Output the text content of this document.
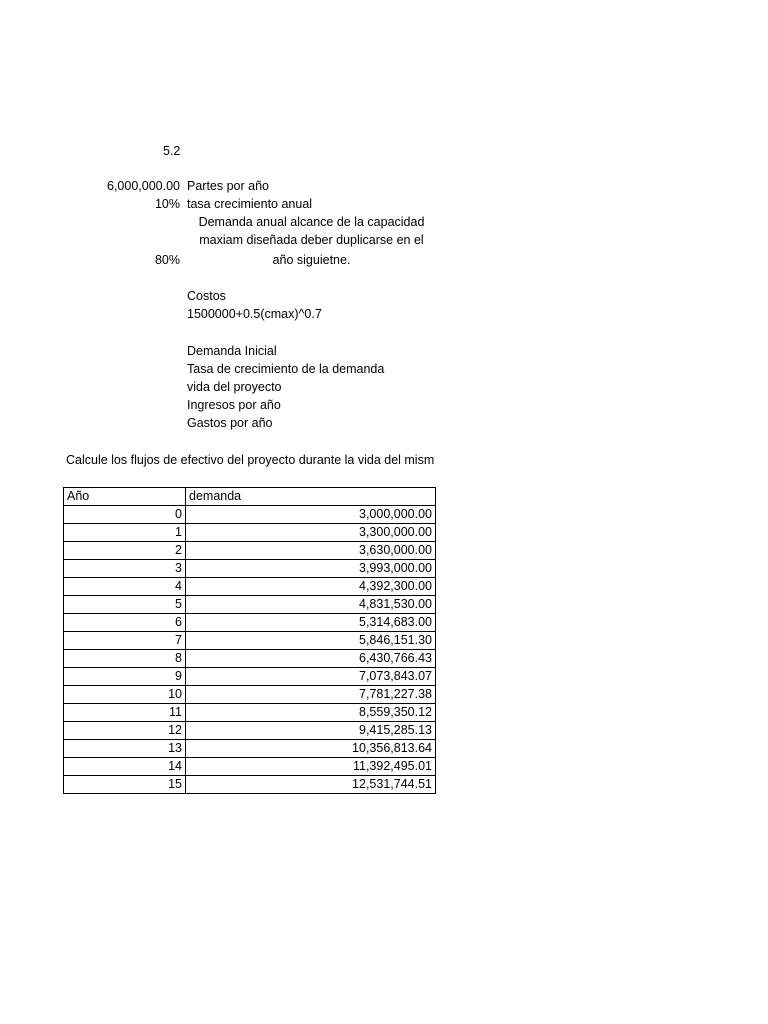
5.2
6,000,000.00 Partes por año
10% tasa crecimiento anual
Demanda anual alcance de la capacidad
maxiam diseñada deber duplicarse en el
80%	año siguietne.
Costos
1500000+0.5(cmax)^0.7
Demanda Inicial
Tasa de crecimiento de la demanda
vida del proyecto
Ingresos por año
Gastos por año
Calcule los flujos de efectivo del proyecto durante la vida del mism
Año	demanda
0	3,000,000.00
1	3,300,000.00
2	3,630,000.00
3	3,993,000.00
4	4,392,300.00
5	4,831,530.00
6	5,314,683.00
7	5,846,151.30
8	6,430,766.43
9	7,073,843.07
10	7,781,227.38
11	8,559,350.12
12	9,415,285.13
13	10,356,813.64
14	11,392,495.01
15	12,531,744.51
